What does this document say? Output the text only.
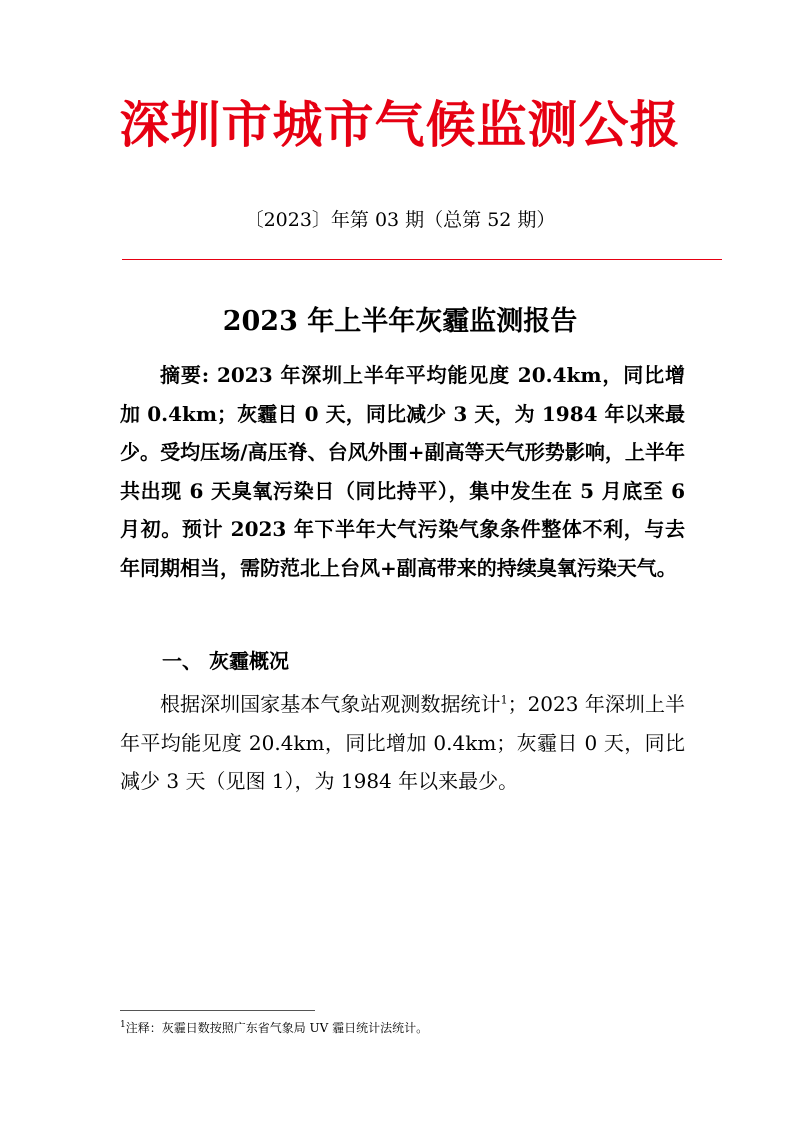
深圳市城市气候监测公报
〔2023〕年第 03 期（总第 52 期）
2023 年上半年灰霾监测报告

摘要: 2023 年深圳上半年平均能见度 20.4km，同比增加 0.4km；灰霾日 0 天，同比减少 3 天，为 1984 年以来最少。受均压场/高压脊、台风外围+副高等天气形势影响，上半年共出现 6 天臭氧污染日（同比持平），集中发生在 5 月底至 6 月初。预计 2023 年下半年大气污染气象条件整体不利，与去年同期相当，需防范北上台风+副高带来的持续臭氧污染天气。

一、 灰霾概况

根据深圳国家基本气象站观测数据统计$^1$；2023 年深圳上半年平均能见度 20.4km，同比增加 0.4km；灰霾日 0 天，同比减少 3 天（见图 1），为 1984 年以来最少。

$^1$注释：灰霾日数按照广东省气象局 UV 霾日统计法统计。
